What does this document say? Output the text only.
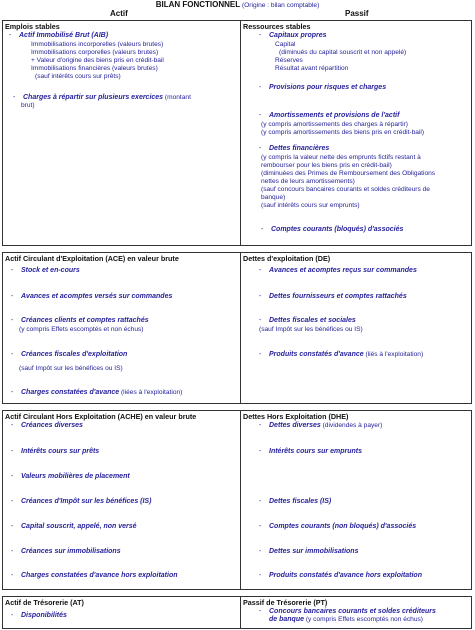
BILAN FONCTIONNEL (Origine : bilan comptable)
Actif	Passif
Emplois stables
- Actif Immobilisé Brut (AIB)
Immobilisations incorporelles (valeurs brutes)
Immobilisations corporelles (valeurs brutes)
+ Valeur d'origine des biens pris en crédit-bail
Immobilisations financières (valeurs brutes)
(sauf intérêts cours sur prêts)
- Charges à répartir sur plusieurs exercices (montant
brut)
Ressources stables
- Capitaux propres
Capital
(diminués du capital souscrit et non appelé)
Réserves
Résultat avant répartition
- Provisions pour risques et charges
- Amortissements et provisions de l'actif
(y compris amortissements des charges à répartir)
(y compris amortissements des biens pris en crédit-bail)
- Dettes financières
(y compris la valeur nette des emprunts fictifs restant à
rembourser pour les biens pris en crédit-bail)
(diminuées des Primes de Remboursement des Obligations
nettes de leurs amortissements)
(sauf concours bancaires courants et soldes créditeurs de
banque)
(sauf intérêts cours sur emprunts)
- Comptes courants (bloqués) d'associés
Actif Circulant d'Exploitation (ACE) en valeur brute
- Stock et en-cours
- Avances et acomptes versés sur commandes
- Créances clients et comptes rattachés
(y compris Effets escomptés et non échus)
- Créances fiscales d'exploitation
(sauf Impôt sur les bénéfices ou IS)
- Charges constatées d'avance (liées à l'exploitation)
Dettes d'exploitation (DE)
- Avances et acomptes reçus sur commandes
- Dettes fournisseurs et comptes rattachés
- Dettes fiscales et sociales
(sauf Impôt sur les bénéfices ou IS)
- Produits constatés d'avance (liés à l'exploitation)
Actif Circulant Hors Exploitation (ACHE) en valeur brute
- Créances diverses
- Intérêts cours sur prêts
- Valeurs mobilières de placement
- Créances d'Impôt sur les bénéfices (IS)
- Capital souscrit, appelé, non versé
- Créances sur immobilisations
- Charges constatées d'avance hors exploitation
Dettes Hors Exploitation (DHE)
- Dettes diverses (dividendes à payer)
- Intérêts cours sur emprunts
- Dettes fiscales (IS)
- Comptes courants (non bloqués) d'associés
- Dettes sur immobilisations
- Produits constatés d'avance hors exploitation
Actif de Trésorerie (AT)
- Disponibilités
Passif de Trésorerie (PT)
- Concours bancaires courants et soldes créditeurs
de banque (y compris Effets escomptés non échus)
